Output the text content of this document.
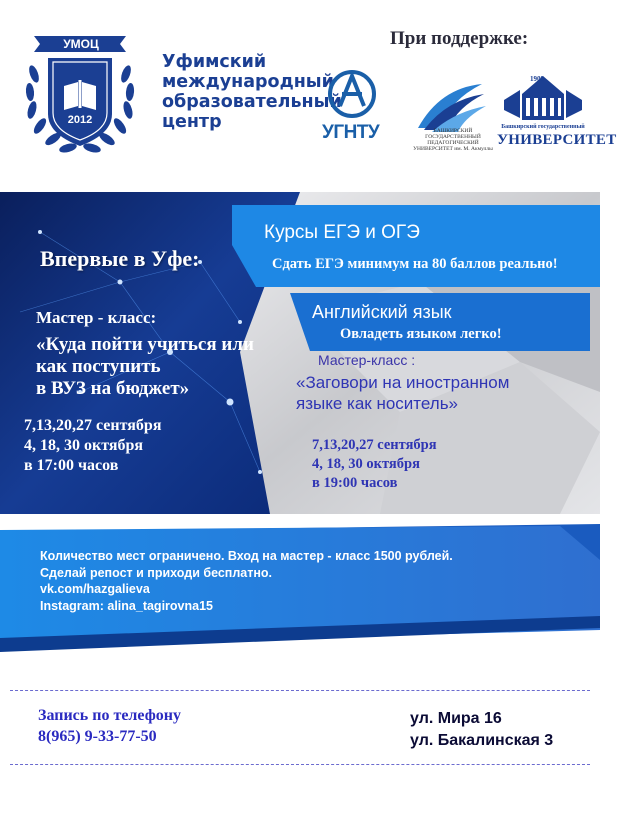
УМОЦ
2012
Уфимский
международный
образовательный
центр
При поддержке:
УГНТУ	БАШКИРСКИЙ ГОСУДАРСТВЕННЫЙ ПЕДАГОГИЧЕСКИЙ УНИВЕРСИТЕТ им. М. Акмуллы
1909
Башкирский государственный
УНИВЕРСИТЕТ
Впервые в Уфе:
Мастер - класс:
«Куда пойти учиться или
как поступить
в ВУЗ на бюджет»
7,13,20,27 сентября
4, 18, 30 октября
в 17:00 часов
Курсы ЕГЭ и ОГЭ
Сдать ЕГЭ минимум на 80 баллов реально!
Английский язык
Овладеть языком легко!
Мастер-класс :
«Заговори на иностранном
языке как носитель»
7,13,20,27 сентября
4, 18, 30 октября
в 19:00 часов
Количество мест ограничено. Вход на мастер - класс 1500 рублей.
Сделай репост и приходи бесплатно.
vk.com/hazgalieva
Instagram: alina_tagirovna15
Запись по телефону
8(965) 9-33-77-50
ул. Мира 16
ул. Бакалинская 3
